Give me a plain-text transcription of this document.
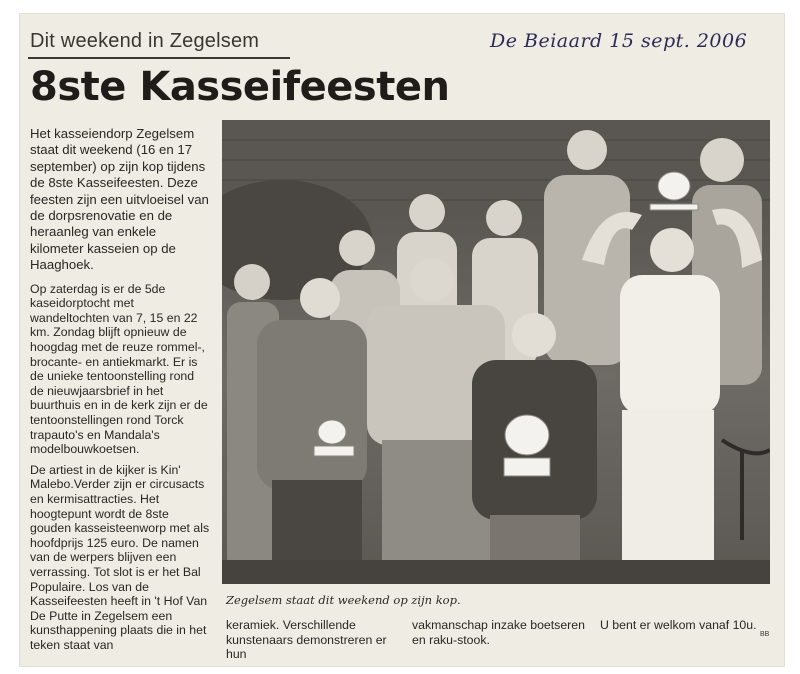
Dit weekend in Zegelsem	De Beiaard 15 sept. 2006
8ste Kasseifeesten

Het kasseiendorp Zegelsem staat dit weekend (16 en 17 september) op zijn kop tijdens de 8ste Kasseifeesten. Deze feesten zijn een uitvloeisel van de dorpsrenovatie en de heraanleg van enkele kilometer kasseien op de Haaghoek.

Op zaterdag is er de 5de kaseidorptocht met wandeltochten van 7, 15 en 22 km. Zondag blijft opnieuw de hoogdag met de reuze rommel-, brocante- en antiekmarkt. Er is de unieke tentoonstelling rond de nieuwjaarsbrief in het buurthuis en in de kerk zijn er de tentoonstellingen rond Torck trapauto's en Mandala's modelbouwkoetsen.

De artiest in de kijker is Kin' Malebo.Verder zijn er circusacts en kermisattracties. Het hoogtepunt wordt de 8ste gouden kasseisteenworp met als hoofdprijs 125 euro. De namen van de werpers blijven een verrassing. Tot slot is er het Bal Populaire. Los van de Kasseifeesten heeft in 't Hof Van De Putte in Zegelsem een kunsthappening plaats die in het teken staat van

Zegelsem staat dit weekend op zijn kop.
keramiek. Verschillende kunstenaars demonstreren er hun
vakmanschap inzake boetseren en raku-stook.
U bent er welkom vanaf 10u.
BB
